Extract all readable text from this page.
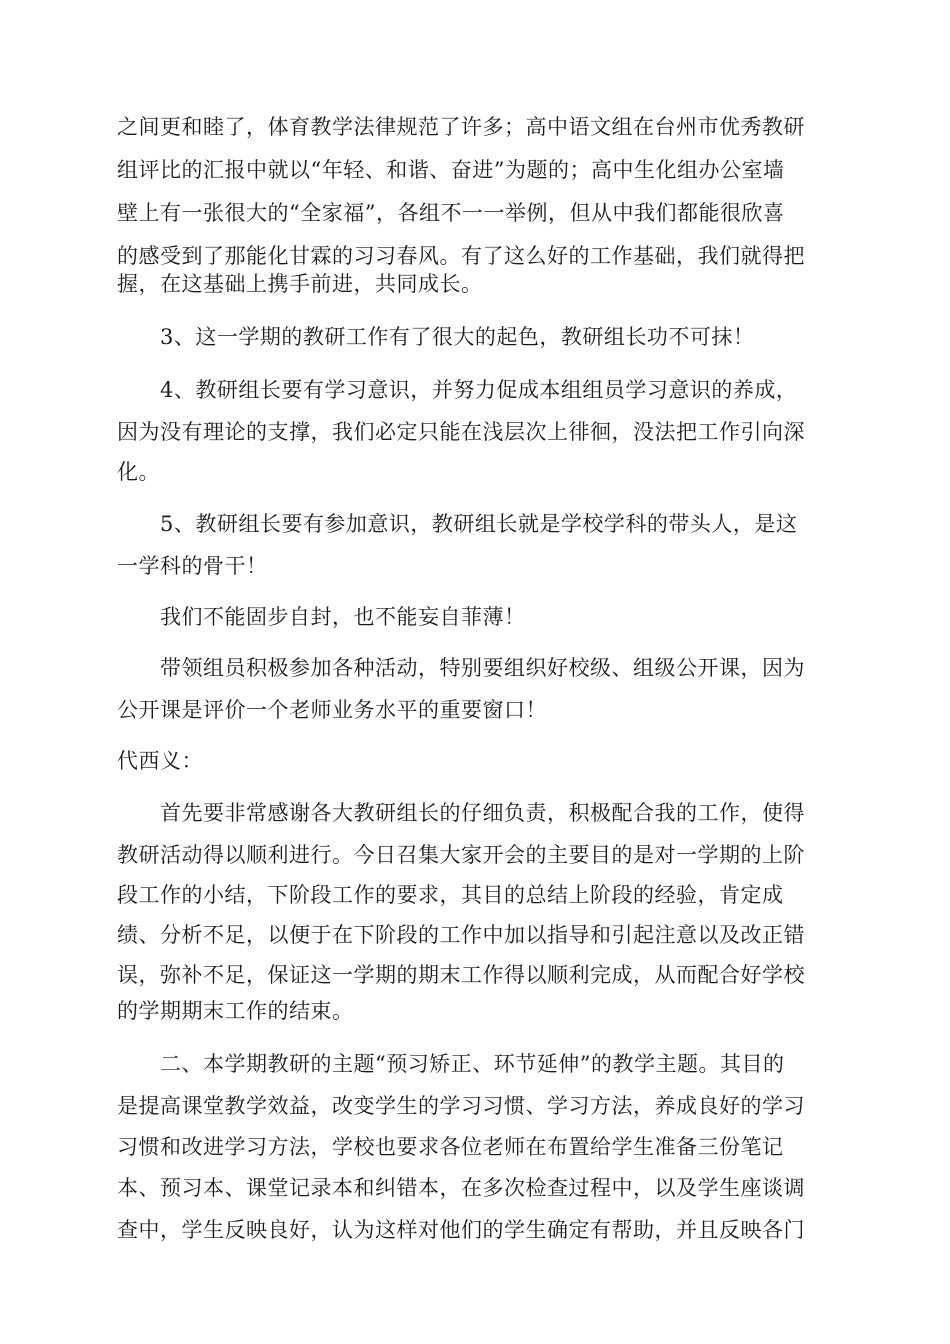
之间更和睦了，体育教学法律规范了许多；高中语文组在台州市优秀教研
组评比的汇报中就以“年轻、和谐、奋进”为题的；高中生化组办公室墙
壁上有一张很大的“全家福”，各组不一一举例，但从中我们都能很欣喜
的感受到了那能化甘霖的习习春风。有了这么好的工作基础，我们就得把
握，在这基础上携手前进，共同成长。
3、这一学期的教研工作有了很大的起色，教研组长功不可抹！
4、教研组长要有学习意识，并努力促成本组组员学习意识的养成，
因为没有理论的支撑，我们必定只能在浅层次上徘徊，没法把工作引向深
化。
5、教研组长要有参加意识，教研组长就是学校学科的带头人，是这
一学科的骨干！
我们不能固步自封，也不能妄自菲薄！
带领组员积极参加各种活动，特别要组织好校级、组级公开课，因为
公开课是评价一个老师业务水平的重要窗口！
代西义：
首先要非常感谢各大教研组长的仔细负责，积极配合我的工作，使得
教研活动得以顺利进行。今日召集大家开会的主要目的是对一学期的上阶
段工作的小结，下阶段工作的要求，其目的总结上阶段的经验，肯定成
绩、分析不足，以便于在下阶段的工作中加以指导和引起注意以及改正错
误，弥补不足，保证这一学期的期末工作得以顺利完成，从而配合好学校
的学期期末工作的结束。
二、本学期教研的主题“预习矫正、环节延伸”的教学主题。其目的
是提高课堂教学效益，改变学生的学习习惯、学习方法，养成良好的学习
习惯和改进学习方法，学校也要求各位老师在布置给学生准备三份笔记
本、预习本、课堂记录本和纠错本，在多次检查过程中，以及学生座谈调
查中，学生反映良好，认为这样对他们的学生确定有帮助，并且反映各门
